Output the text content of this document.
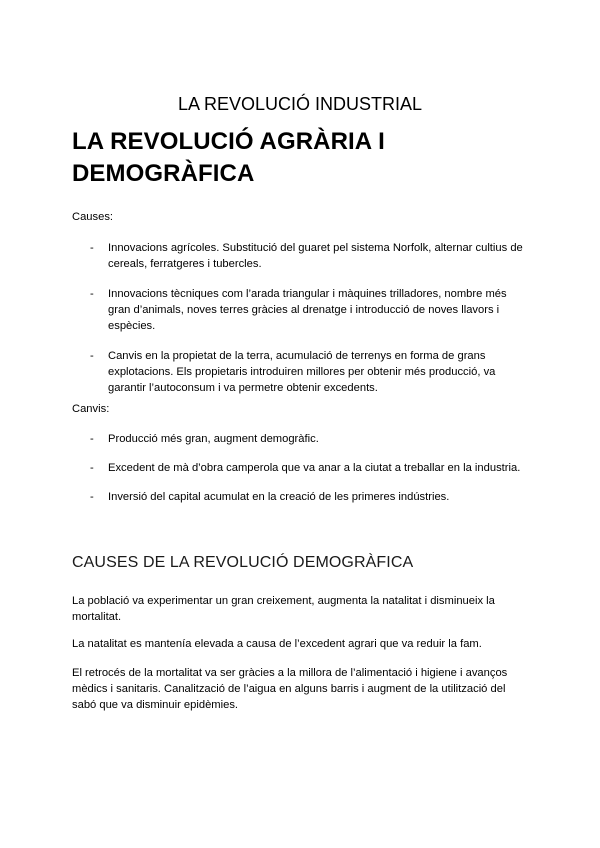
LA REVOLUCIÓ INDUSTRIAL
LA REVOLUCIÓ AGRÀRIA I DEMOGRÀFICA
Causes:
- Innovacions agrícoles. Substitució del guaret pel sistema Norfolk, alternar cultius de cereals, ferratgeres i tubercles.
- Innovacions tècniques com l’arada triangular i màquines trilladores, nombre més gran d’animals, noves terres gràcies al drenatge i introducció de noves llavors i espècies.
- Canvis en la propietat de la terra, acumulació de terrenys en forma de grans explotacions. Els propietaris introduiren millores per obtenir més producció, va garantir l’autoconsum i va permetre obtenir excedents.
Canvis:
- Producció més gran, augment demogràfic.
- Excedent de mà d’obra camperola que va anar a la ciutat a treballar en la industria.
- Inversió del capital acumulat en la creació de les primeres indústries.
CAUSES DE LA REVOLUCIÓ DEMOGRÀFICA
La població va experimentar un gran creixement, augmenta la natalitat i disminueix la mortalitat.
La natalitat es mantenía elevada a causa de l’excedent agrari que va reduir la fam.
El retrocés de la mortalitat va ser gràcies a la millora de l’alimentació i higiene i avanços mèdics i sanitaris. Canalització de l’aigua en alguns barris i augment de la utilització del sabó que va disminuir epidèmies.
